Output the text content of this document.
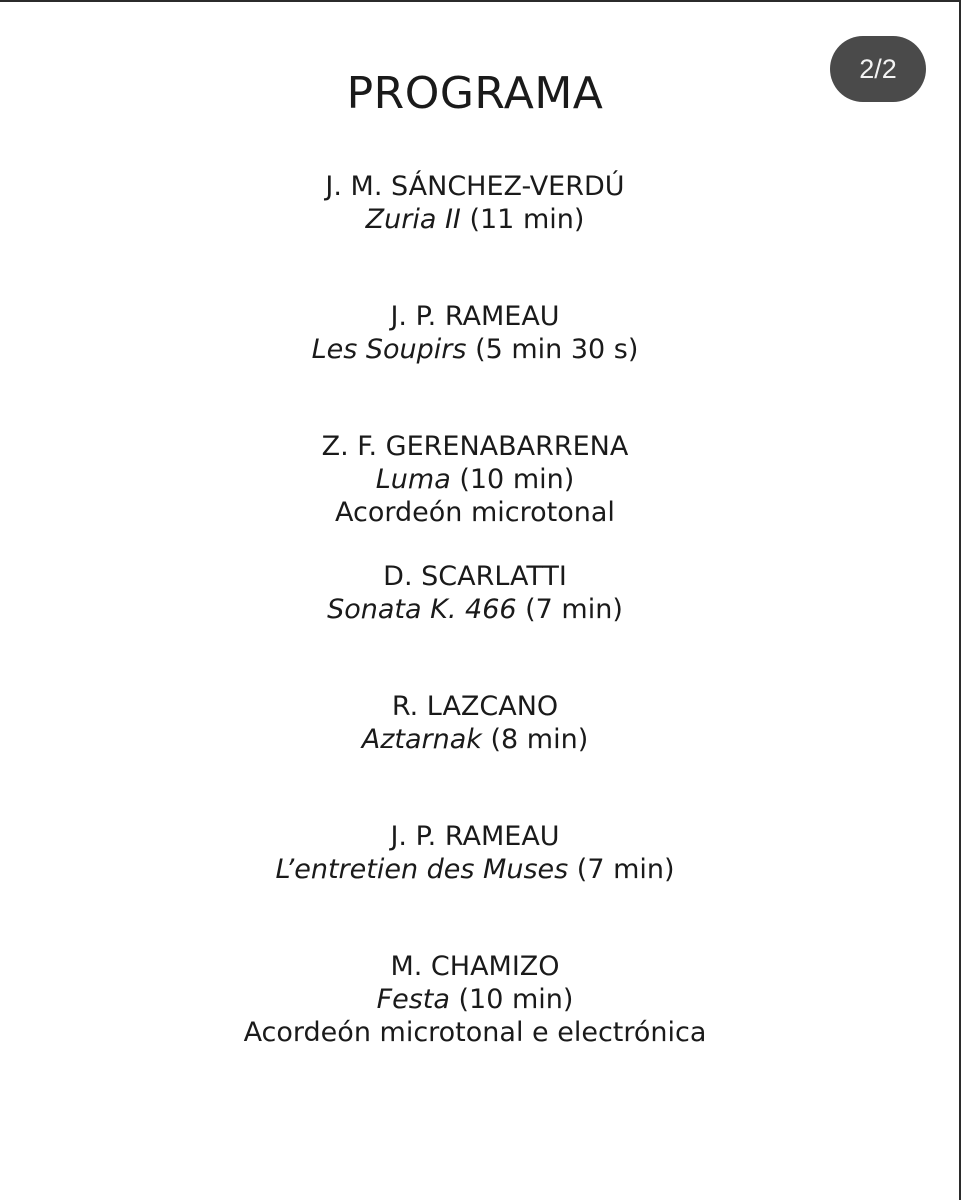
2/2
PROGRAMA
J. M. SÁNCHEZ-VERDÚ
Zuria II (11 min)
J. P. RAMEAU
Les Soupirs (5 min 30 s)
Z. F. GERENABARRENA
Luma (10 min)
Acordeón microtonal
D. SCARLATTI
Sonata K. 466 (7 min)
R. LAZCANO
Aztarnak (8 min)
J. P. RAMEAU
L’entretien des Muses (7 min)
M. CHAMIZO
Festa (10 min)
Acordeón microtonal e electrónica
